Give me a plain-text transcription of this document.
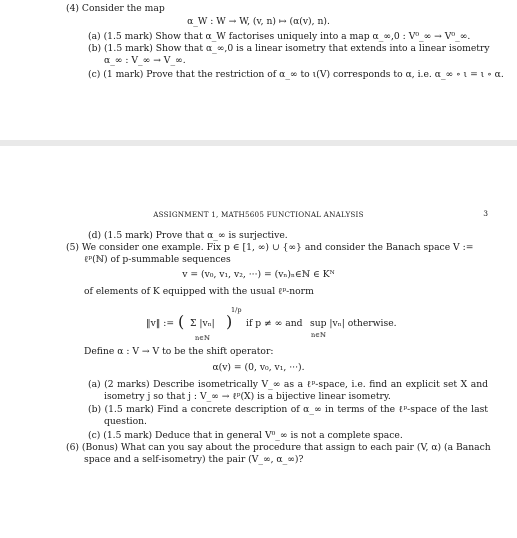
(4) Consider the map
α_W : W → W, (v, n) ↦ (α(v), n).
(a) (1.5 mark) Show that α_W factorises uniquely into a map α_∞,0 : V⁰_∞ → V⁰_∞.
(b) (1.5 mark) Show that α_∞,0 is a linear isometry that extends into a linear isometry
α_∞ : V_∞ → V_∞.
(c) (1 mark) Prove that the restriction of α_∞ to ι(V) corresponds to α, i.e. α_∞ ∘ ι = ι ∘ α.
ASSIGNMENT 1, MATH5605 FUNCTIONAL ANALYSIS	3
(d) (1.5 mark) Prove that α_∞ is surjective.
(5) We consider one example. Fix p ∈ [1, ∞) ∪ {∞} and consider the Banach space V :=
ℓᵖ(ℕ) of p-summable sequences
v = (v₀, v₁, v₂, ···) = (vₙ)ₙ∈ℕ ∈ Kᴺ
of elements of K equipped with the usual ℓᵖ-norm
‖v‖ := ( Σ |vₙ|
n∈ℕ
)
1/p
if p ≠ ∞ and sup |vₙ| otherwise.
n∈ℕ
Define α : V → V to be the shift operator:
α(v) = (0, v₀, v₁, ···).
(a) (2 marks) Describe isometrically V_∞ as a ℓᵖ-space, i.e. find an explicit set X and
isometry j so that j : V_∞ → ℓᵖ(X) is a bijective linear isometry.
(b) (1.5 mark) Find a concrete description of α_∞ in terms of the ℓᵖ-space of the last
question.
(c) (1.5 mark) Deduce that in general V⁰_∞ is not a complete space.
(6) (Bonus) What can you say about the procedure that assign to each pair (V, α) (a Banach
space and a self-isometry) the pair (V_∞, α_∞)?
